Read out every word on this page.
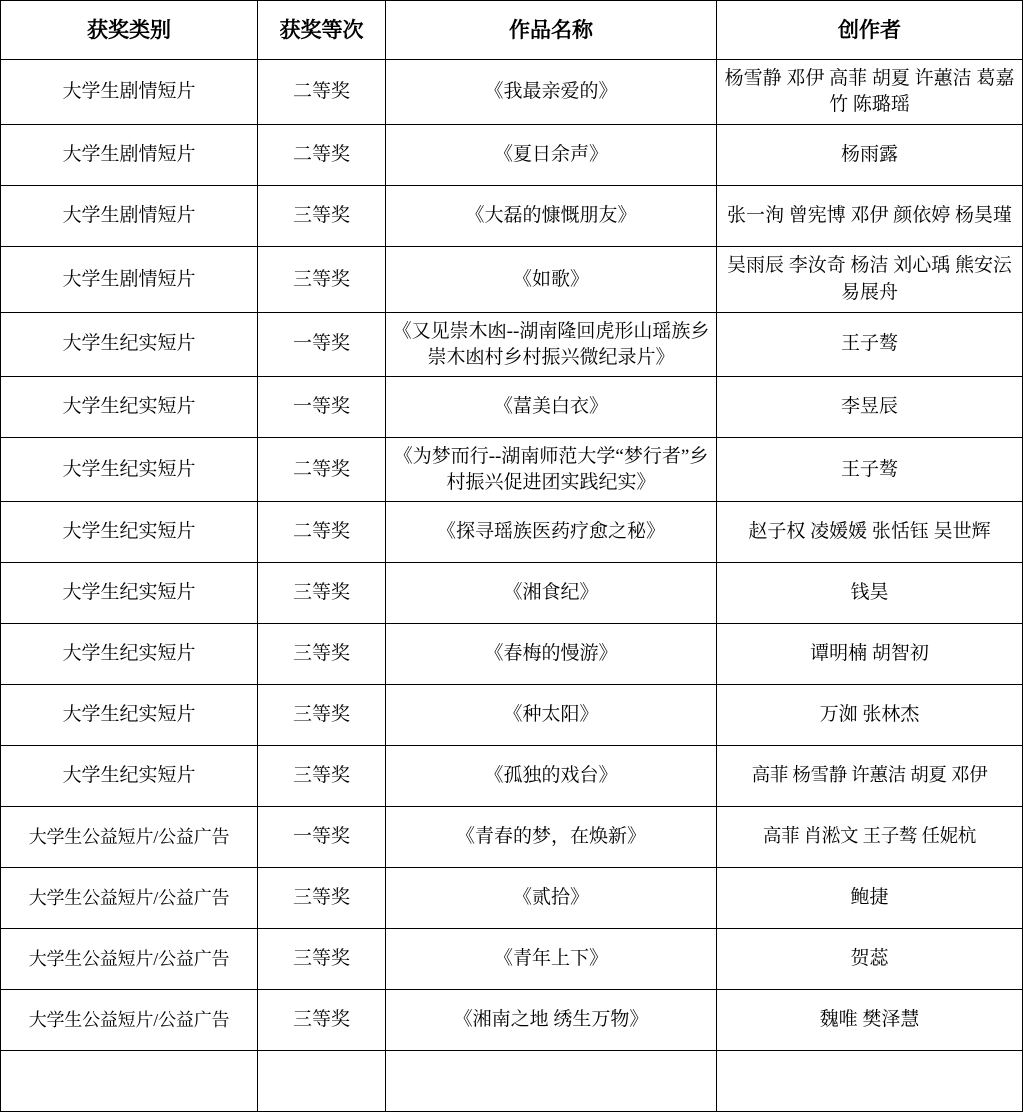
获奖类别	获奖等次	作品名称	创作者
大学生剧情短片	二等奖	《我最亲爱的》	杨雪静 邓伊 高菲 胡夏 许蕙洁 葛嘉竹 陈璐瑶
大学生剧情短片	二等奖	《夏日余声》	杨雨露
大学生剧情短片	三等奖	《大磊的慷慨朋友》	张一洵 曾宪博 邓伊 颜依婷 杨昊瑾
大学生剧情短片	三等奖	《如歌》	吴雨辰 李汝奇 杨洁 刘心瑀 熊安沄 易展舟
大学生纪实短片	一等奖	《又见崇木凼--湖南隆回虎形山瑶族乡崇木凼村乡村振兴微纪录片》	王子骜
大学生纪实短片	一等奖	《葍美白衣》	李昱辰
大学生纪实短片	二等奖	《为梦而行--湖南师范大学“梦行者”乡村振兴促进团实践纪实》	王子骜
大学生纪实短片	二等奖	《探寻瑶族医药疗愈之秘》	赵子权 凌媛媛 张恬钰 吴世辉
大学生纪实短片	三等奖	《湘食纪》	钱昊
大学生纪实短片	三等奖	《春梅的慢游》	谭明楠 胡智初
大学生纪实短片	三等奖	《种太阳》	万洳 张林杰
大学生纪实短片	三等奖	《孤独的戏台》	高菲 杨雪静 许蕙洁 胡夏 邓伊
大学生公益短片/公益广告	一等奖	《青春的梦，在焕新》	高菲 肖淞文 王子骜 任妮杭
大学生公益短片/公益广告	三等奖	《贰拾》	鲍捷
大学生公益短片/公益广告	三等奖	《青年上下》	贺蕊
大学生公益短片/公益广告	三等奖	《湘南之地 绣生万物》	魏唯 樊泽慧
